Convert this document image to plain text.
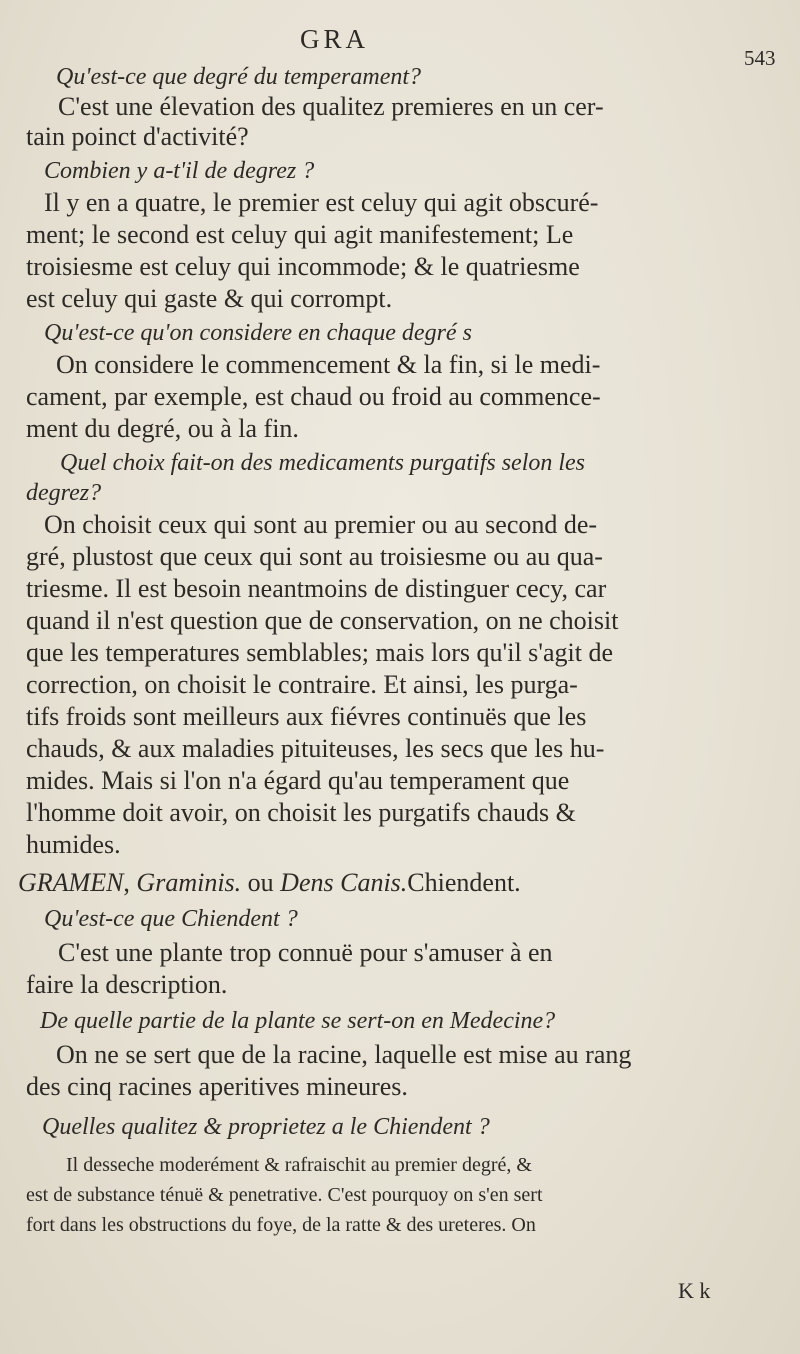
GRA
543
Qu'est-ce que degré du temperament?
C'est une élevation des qualitez premieres en un cer-
tain poinct d'activité?
Combien y a-t'il de degrez ?
Il y en a quatre, le premier est celuy qui agit obscuré-
ment; le second est celuy qui agit manifestement; Le
troisiesme est celuy qui incommode; & le quatriesme
est celuy qui gaste & qui corrompt.
Qu'est-ce qu'on considere en chaque degré s
On considere le commencement & la fin, si le medi-
cament, par exemple, est chaud ou froid au commence-
ment du degré, ou à la fin.
Quel choix fait-on des medicaments purgatifs selon les
degrez?
On choisit ceux qui sont au premier ou au second de-
gré, plustost que ceux qui sont au troisiesme ou au qua-
triesme. Il est besoin neantmoins de distinguer cecy, car
quand il n'est question que de conservation, on ne choisit
que les temperatures semblables; mais lors qu'il s'agit de
correction, on choisit le contraire. Et ainsi, les purga-
tifs froids sont meilleurs aux fiévres continuës que les
chauds, & aux maladies pituiteuses, les secs que les hu-
mides. Mais si l'on n'a égard qu'au temperament que
l'homme doit avoir, on choisit les purgatifs chauds &
humides.
GRAMEN, Graminis. ou Dens Canis.Chiendent.
Qu'est-ce que Chiendent ?
C'est une plante trop connuë pour s'amuser à en
faire la description.
De quelle partie de la plante se sert-on en Medecine?
On ne se sert que de la racine, laquelle est mise au rang
des cinq racines aperitives mineures.
Quelles qualitez & proprietez a le Chiendent ?
Il desseche moderément & rafraischit au premier degré, &
est de substance ténuë & penetrative. C'est pourquoy on s'en sert
fort dans les obstructions du foye, de la ratte & des ureteres. On
K k
